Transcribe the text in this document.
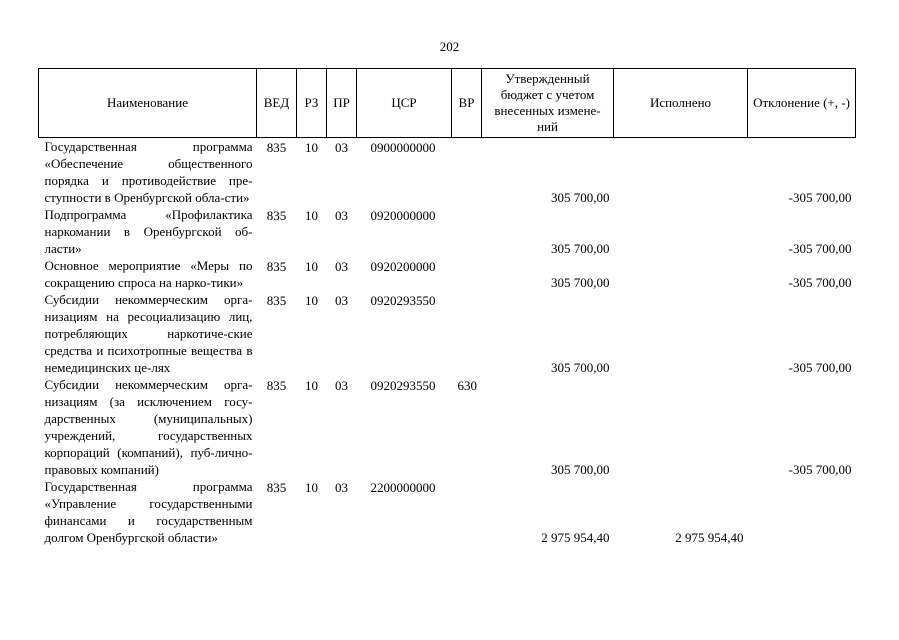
202
Наименование	ВЕД	РЗ	ПР	ЦСР	ВР	Утвержденный бюджет с учетом внесенных измене-ний	Исполнено	Отклонение (+, -)
Государственная программа «Обеспечение общественного порядка и противодействие пре-ступности в Оренбургской обла-сти»	835	10	03	0900000000		305 700,00		-305 700,00
Подпрограмма «Профилактика наркомании в Оренбургской об-ласти»	835	10	03	0920000000		305 700,00		-305 700,00
Основное мероприятие «Меры по сокращению спроса на нарко-тики»	835	10	03	0920200000		305 700,00		-305 700,00
Субсидии некоммерческим орга-низациям на ресоциализацию лиц, потребляющих наркотиче-ские средства и психотропные вещества в немедицинских це-лях	835	10	03	0920293550		305 700,00		-305 700,00
Субсидии некоммерческим орга-низациям (за исключением госу-дарственных (муниципальных) учреждений, государственных корпораций (компаний), пуб-лично-правовых компаний)	835	10	03	0920293550	630	305 700,00		-305 700,00
Государственная программа «Управление государственными финансами и государственным долгом Оренбургской области»	835	10	03	2200000000		2 975 954,40	2 975 954,40	
